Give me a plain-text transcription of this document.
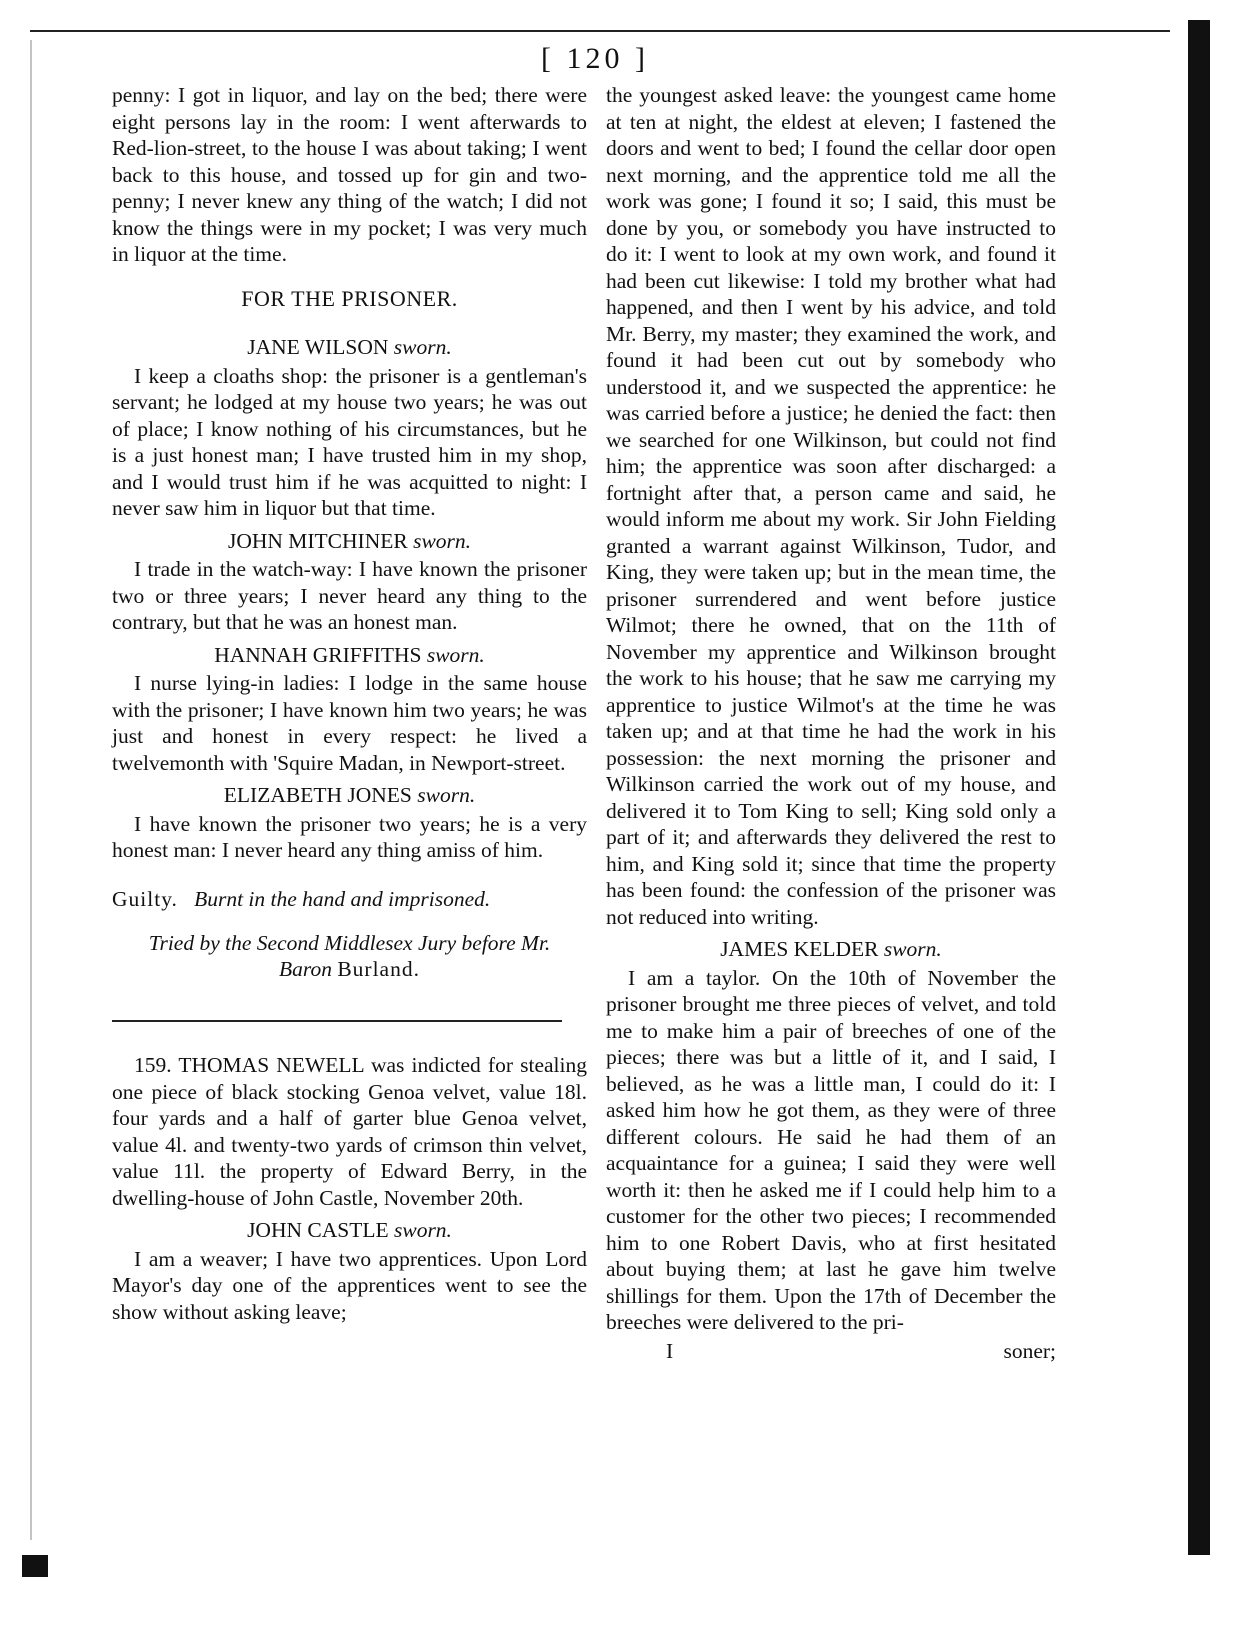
[ 120 ]

penny: I got in liquor, and lay on the bed; there were eight persons lay in the room: I went afterwards to Red-lion-street, to the house I was about taking; I went back to this house, and tossed up for gin and two-penny; I never knew any thing of the watch; I did not know the things were in my pocket; I was very much in liquor at the time.

FOR THE PRISONER.
JANE WILSON sworn.

I keep a cloaths shop: the prisoner is a gentleman's servant; he lodged at my house two years; he was out of place; I know nothing of his circumstances, but he is a just honest man; I have trusted him in my shop, and I would trust him if he was acquitted to night: I never saw him in liquor but that time.

JOHN MITCHINER sworn.

I trade in the watch-way: I have known the prisoner two or three years; I never heard any thing to the contrary, but that he was an honest man.

HANNAH GRIFFITHS sworn.

I nurse lying-in ladies: I lodge in the same house with the prisoner; I have known him two years; he was just and honest in every respect: he lived a twelvemonth with 'Squire Madan, in Newport-street.

ELIZABETH JONES sworn.

I have known the prisoner two years; he is a very honest man: I never heard any thing amiss of him.

Guilty. Burnt in the hand and imprisoned.

Tried by the Second Middlesex Jury before Mr.
Baron Burland.

159. THOMAS NEWELL was indicted for stealing one piece of black stocking Genoa velvet, value 18l. four yards and a half of garter blue Genoa velvet, value 4l. and twenty-two yards of crimson thin velvet, value 11l. the property of Edward Berry, in the dwelling-house of John Castle, November 20th.

JOHN CASTLE sworn.

I am a weaver; I have two apprentices. Upon Lord Mayor's day one of the apprentices went to see the show without asking leave;

the youngest asked leave: the youngest came home at ten at night, the eldest at eleven; I fastened the doors and went to bed; I found the cellar door open next morning, and the apprentice told me all the work was gone; I found it so; I said, this must be done by you, or somebody you have instructed to do it: I went to look at my own work, and found it had been cut likewise: I told my brother what had happened, and then I went by his advice, and told Mr. Berry, my master; they examined the work, and found it had been cut out by somebody who understood it, and we suspected the apprentice: he was carried before a justice; he denied the fact: then we searched for one Wilkinson, but could not find him; the apprentice was soon after discharged: a fortnight after that, a person came and said, he would inform me about my work. Sir John Fielding granted a warrant against Wilkinson, Tudor, and King, they were taken up; but in the mean time, the prisoner surrendered and went before justice Wilmot; there he owned, that on the 11th of November my apprentice and Wilkinson brought the work to his house; that he saw me carrying my apprentice to justice Wilmot's at the time he was taken up; and at that time he had the work in his possession: the next morning the prisoner and Wilkinson carried the work out of my house, and delivered it to Tom King to sell; King sold only a part of it; and afterwards they delivered the rest to him, and King sold it; since that time the property has been found: the confession of the prisoner was not reduced into writing.

JAMES KELDER sworn.

I am a taylor. On the 10th of November the prisoner brought me three pieces of velvet, and told me to make him a pair of breeches of one of the pieces; there was but a little of it, and I said, I believed, as he was a little man, I could do it: I asked him how he got them, as they were of three different colours. He said he had them of an acquaintance for a guinea; I said they were well worth it: then he asked me if I could help him to a customer for the other two pieces; I recommended him to one Robert Davis, who at first hesitated about buying them; at last he gave him twelve shillings for them. Upon the 17th of December the breeches were delivered to the pri-

I	soner;
